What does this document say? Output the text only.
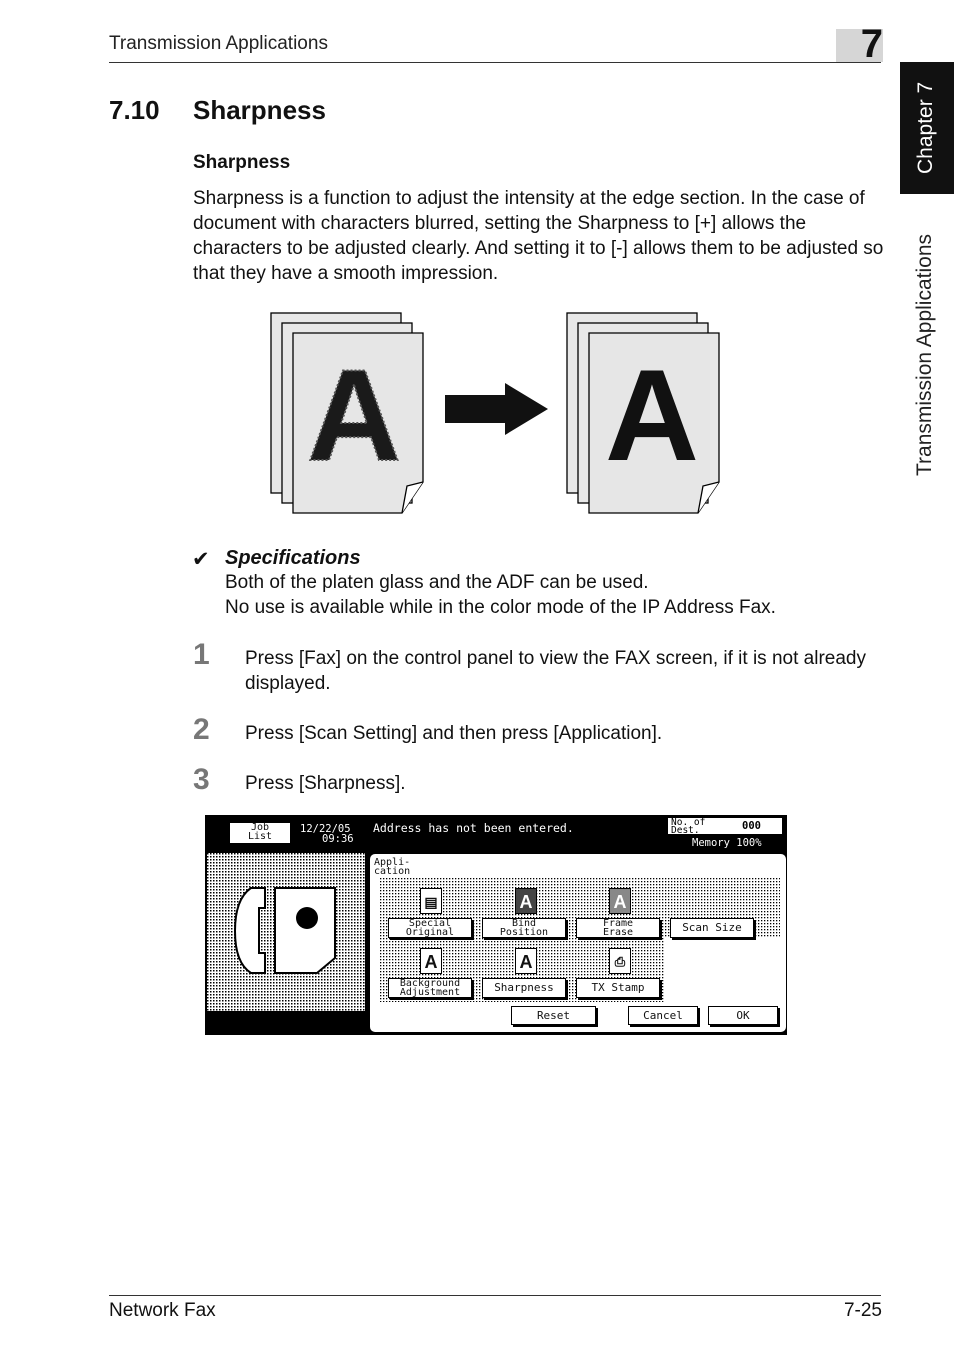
Transmission Applications	7
Chapter 7
Transmission Applications
7.10 Sharpness
Sharpness
Sharpness is a function to adjust the intensity at the edge section. In the case of document with characters blurred, setting the Sharpness to [+] allows the characters to be adjusted clearly. And setting it to [-] allows them to be adjusted so that they have a smooth impression.
A A
✔ Specifications
Both of the platen glass and the ADF can be used.
No use is available while in the color mode of the IP Address Fax.
1 Press [Fax] on the control panel to view the FAX screen, if it is not already displayed.
2 Press [Scan Setting] and then press [Application].
3 Press [Sharpness].
Job
List
12/22/05
09:36
Address has not been entered.	No. of
Dest.	000
Memory 100%
Appli-
cation
▤	A	A
Special
Original
Bind
Position
Frame
Erase	Scan Size
A	A	⎙
Background
Adjustment	Sharpness	TX Stamp
Reset	Cancel	OK
Network Fax	7-25
